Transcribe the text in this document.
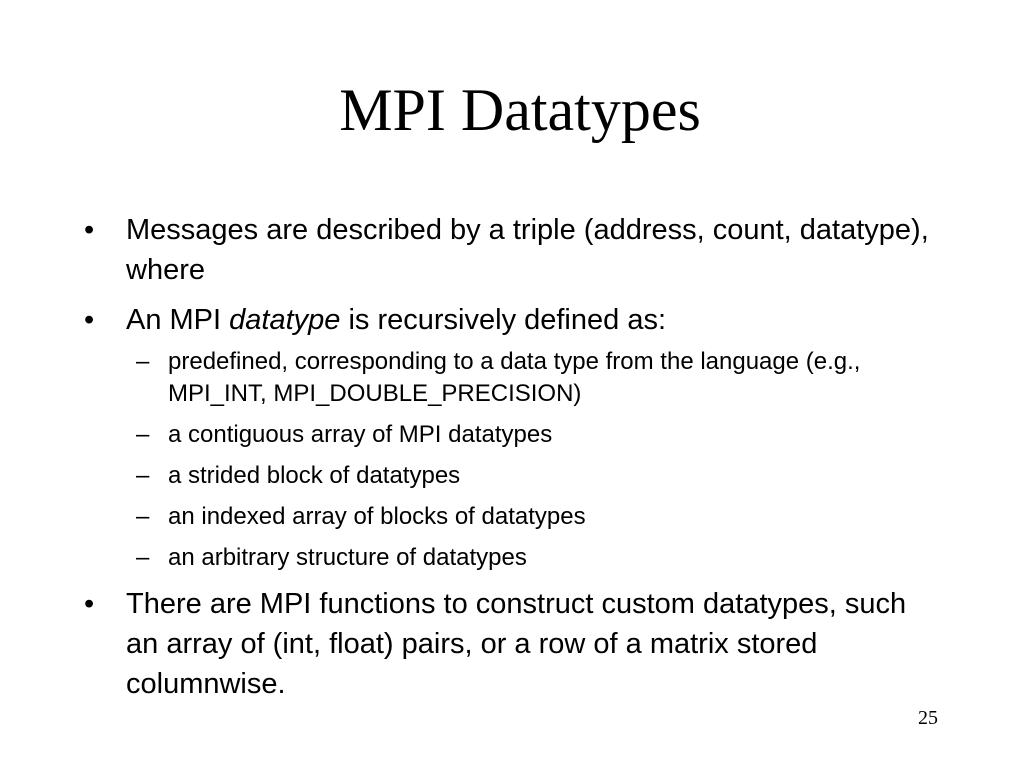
MPI Datatypes
• Messages are described by a triple (address, count, datatype), where
• An MPI datatype is recursively defined as:
– predefined, corresponding to a data type from the language (e.g., MPI_INT, MPI_DOUBLE_PRECISION)
– a contiguous array of MPI datatypes
– a strided block of datatypes
– an indexed array of blocks of datatypes
– an arbitrary structure of datatypes
• There are MPI functions to construct custom datatypes, such an array of (int, float) pairs, or a row of a matrix stored columnwise.
25
